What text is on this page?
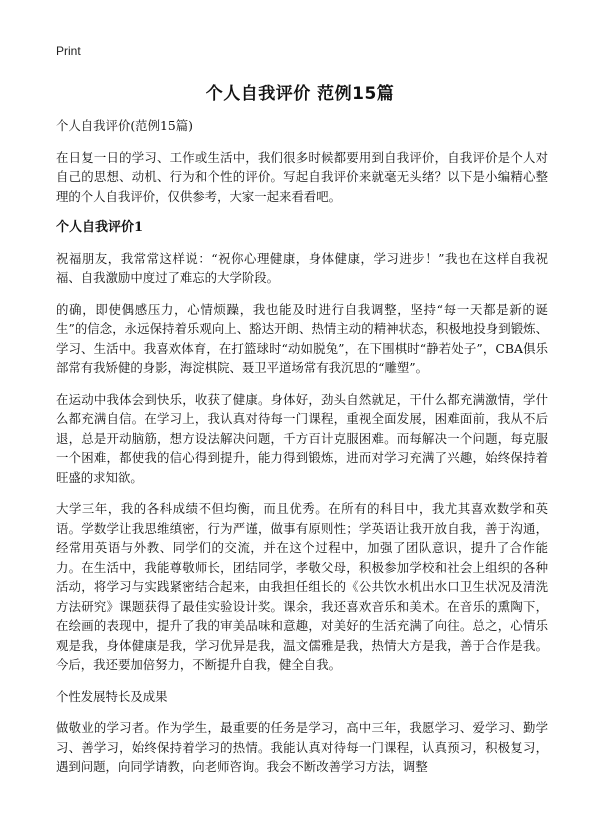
Print
个人自我评价 范例15篇

个人自我评价(范例15篇)

在日复一日的学习、工作或生活中，我们很多时候都要用到自我评价，自我评价是个人对自己的思想、动机、行为和个性的评价。写起自我评价来就毫无头绪？以下是小编精心整理的个人自我评价，仅供参考，大家一起来看看吧。

个人自我评价1

祝福朋友，我常常这样说：“祝你心理健康，身体健康，学习进步！”我也在这样自我祝福、自我激励中度过了难忘的大学阶段。

的确，即使偶感压力，心情烦躁，我也能及时进行自我调整，坚持“每一天都是新的诞生”的信念，永远保持着乐观向上、豁达开朗、热情主动的精神状态，积极地投身到锻炼、学习、生活中。我喜欢体育，在打篮球时“动如脱兔”，在下围棋时“静若处子”，CBA俱乐部常有我矫健的身影，海淀棋院、聂卫平道场常有我沉思的“雕塑”。

在运动中我体会到快乐，收获了健康。身体好，劲头自然就足，干什么都充满激情，学什么都充满自信。在学习上，我认真对待每一门课程，重视全面发展，困难面前，我从不后退，总是开动脑筋，想方设法解决问题，千方百计克服困难。而每解决一个问题，每克服一个困难，都使我的信心得到提升，能力得到锻炼，进而对学习充满了兴趣，始终保持着旺盛的求知欲。

大学三年，我的各科成绩不但均衡，而且优秀。在所有的科目中，我尤其喜欢数学和英语。学数学让我思维缜密，行为严谨，做事有原则性；学英语让我开放自我，善于沟通，经常用英语与外教、同学们的交流，并在这个过程中，加强了团队意识，提升了合作能力。在生活中，我能尊敬师长，团结同学，孝敬父母，积极参加学校和社会上组织的各种活动，将学习与实践紧密结合起来，由我担任组长的《公共饮水机出水口卫生状况及清洗方法研究》课题获得了最佳实验设计奖。课余，我还喜欢音乐和美术。在音乐的熏陶下，在绘画的表现中，提升了我的审美品味和意趣，对美好的生活充满了向往。总之，心情乐观是我，身体健康是我，学习优异是我，温文儒雅是我，热情大方是我，善于合作是我。今后，我还要加倍努力，不断提升自我，健全自我。

个性发展特长及成果

做敬业的学习者。作为学生，最重要的任务是学习，高中三年，我愿学习、爱学习、勤学习、善学习，始终保持着学习的热情。我能认真对待每一门课程，认真预习，积极复习，遇到问题，向同学请教，向老师咨询。我会不断改善学习方法，调整
